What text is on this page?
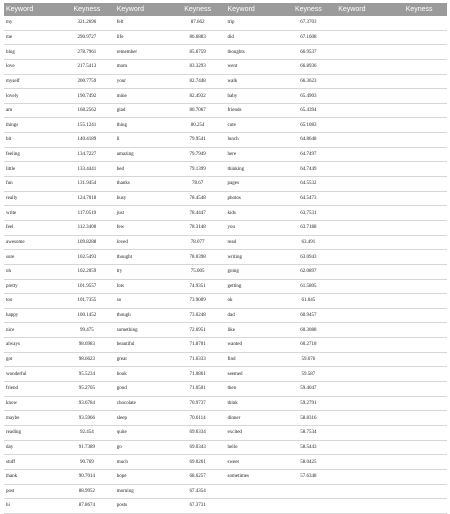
Keyword	Keyness	Keyword	Keyness	Keyword	Keyness	Keyword	Keyness
my	321.2696	felt	87.662	trip	67.3703		
me	290.9727	life	86.6883	did	67.1608		
blog	278.7961	remember	85.6759	thoughts	66.9537		
love	217.5413	mom	83.3293	went	66.8936		
myself	200.7759	your	82.7448	walk	66.3623		
lovely	190.7492	mine	82.4932	baby	65.4903		
am	168.2562	glad	80.7067	friends	65.4394		
things	155.1241	thing	80.254	cute	65.1083		
bit	140.4189	ll	79.9541	lunch	64.8648		
feeling	134.7227	amazing	79.7949	here	64.7497		
little	133.4441	bed	79.1399	thinking	64.7449		
fun	131.9454	thanks	78.67	pages	64.5532		
really	124.7018	busy	78.4548	photos	64.5473		
write	117.0519	just	78.4447	kids	63.7531		
feel	112.3408	few	78.3148	you	63.7188		
awesome	109.8288	loved	78.077	read	63.491		
sure	102.5493	thought	78.0398	writing	63.0943		
oh	102.2059	try	75.005	going	62.0897		
pretty	101.9557	lots	74.9351	getting	61.5805		
too	101.7355	so	73.9009	ok	61.045		
happy	100.1452	though	73.0248	dad	60.9457		
nice	99.475	something	72.6951	like	60.3088		
always	98.6983	beautiful	71.8701	wanted	60.2718		
got	98.6623	great	71.6333	find	59.676		
wonderful	95.5234	book	71.0861	seemed	59.587		
friend	95.2765	good	71.0501	then	59.4047		
know	93.6784	chocolate	70.9737	think	59.2791		
maybe	93.5966	sleep	70.6114	dinner	58.8316		
reading	92.454	quite	69.6334	excited	58.7534		
day	91.7389	go	69.0343	hello	58.5443		
stuff	90.769	much	69.0261	sweet	58.0425		
thank	90.7014	hope	68.6257	sometimes	57.6348		
post	88.9952	morning	67.4354				
hi	87.8674	posts	67.3731				
